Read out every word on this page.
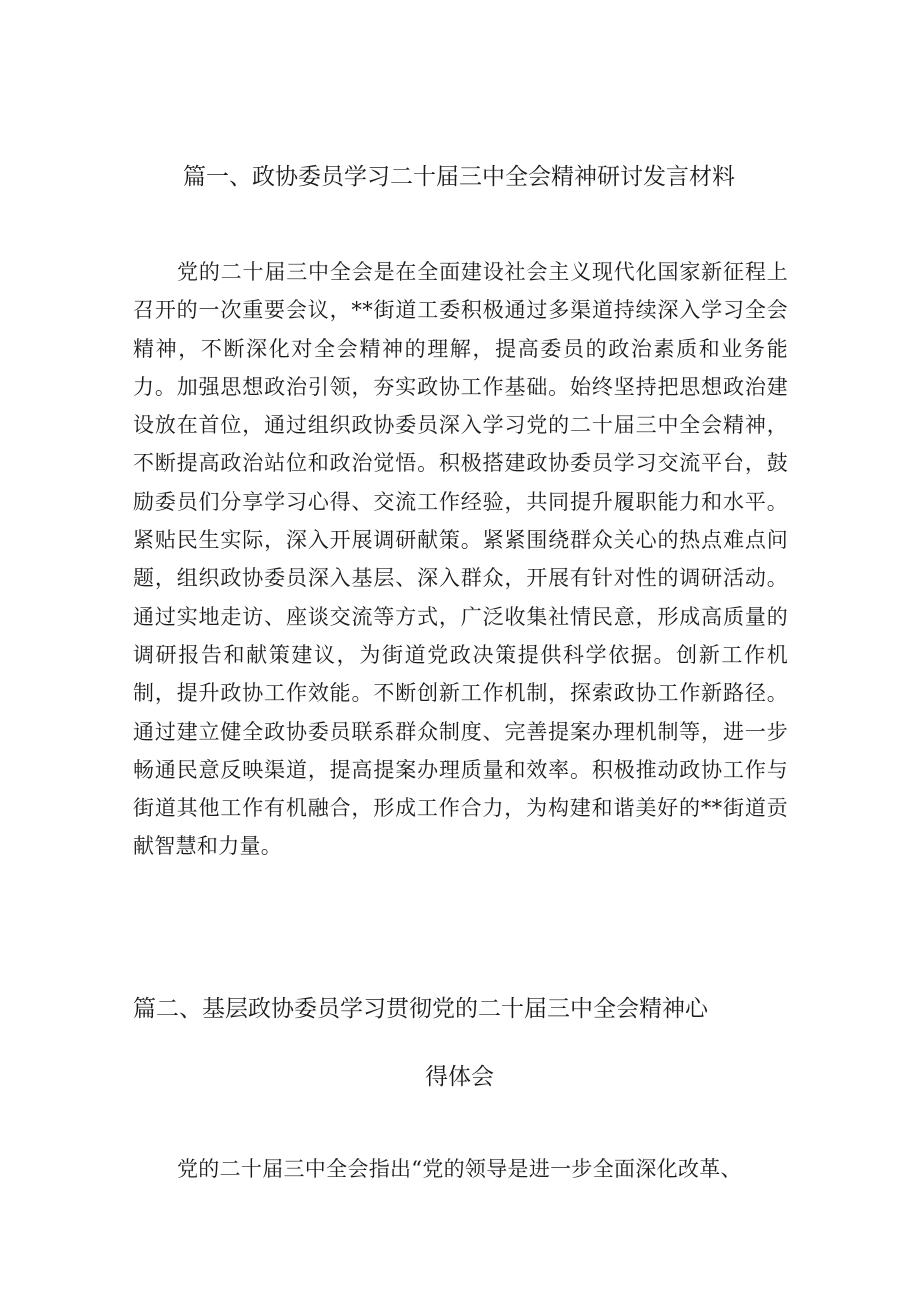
篇一、政协委员学习二十届三中全会精神研讨发言材料
党的二十届三中全会是在全面建设社会主义现代化国家新征程上召开的一次重要会议，**街道工委积极通过多渠道持续深入学习全会精神，不断深化对全会精神的理解，提高委员的政治素质和业务能力。加强思想政治引领，夯实政协工作基础。始终坚持把思想政治建设放在首位，通过组织政协委员深入学习党的二十届三中全会精神，不断提高政治站位和政治觉悟。积极搭建政协委员学习交流平台，鼓励委员们分享学习心得、交流工作经验，共同提升履职能力和水平。紧贴民生实际，深入开展调研献策。紧紧围绕群众关心的热点难点问题，组织政协委员深入基层、深入群众，开展有针对性的调研活动。通过实地走访、座谈交流等方式，广泛收集社情民意，形成高质量的调研报告和献策建议，为街道党政决策提供科学依据。创新工作机制，提升政协工作效能。不断创新工作机制，探索政协工作新路径。通过建立健全政协委员联系群众制度、完善提案办理机制等，进一步畅通民意反映渠道，提高提案办理质量和效率。积极推动政协工作与街道其他工作有机融合，形成工作合力，为构建和谐美好的**街道贡献智慧和力量。
篇二、基层政协委员学习贯彻党的二十届三中全会精神心
得体会
党的二十届三中全会指出“党的领导是进一步全面深化改革、
